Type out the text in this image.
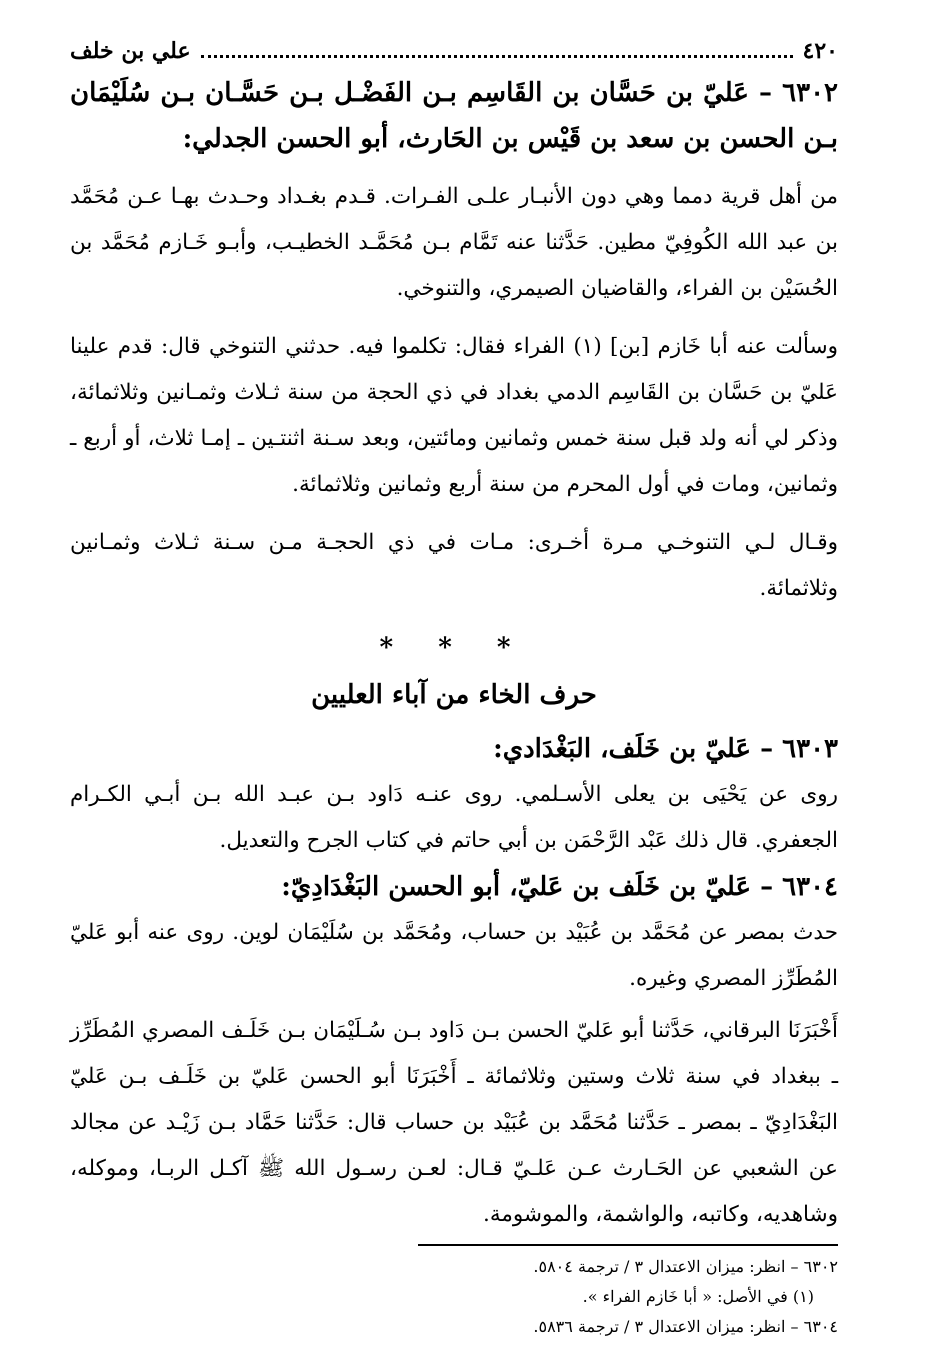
٤٢٠
علي بن خلف

٦٣٠٢ – عَليّ بن حَسَّان بن القَاسِم بـن الفَضْـل بـن حَسَّـان بـن سُلَيْمَان بـن الحسن بن سعد بن قَيْس بن الحَارث، أبو الحسن الجدلي:

من أهل قرية دمما وهي دون الأنبـار علـى الفـرات. قـدم بغـداد وحـدث بهـا عـن مُحَمَّد بن عبد الله الكُوفِيّ مطين. حَدَّثنا عنه تَمَّام بـن مُحَمَّـد الخطيـب، وأبـو خَـازم مُحَمَّد بن الحُسَيْن بن الفراء، والقاضيان الصيمري، والتنوخي.

وسألت عنه أبا خَازم [بن] (١) الفراء فقال: تكلموا فيه. حدثني التنوخي قال: قدم علينا عَليّ بن حَسَّان بن القَاسِم الدمي بغداد في ذي الحجة من سنة ثـلاث وثمـانين وثلاثمائة، وذكر لي أنه ولد قبل سنة خمس وثمانين ومائتين، وبعد سـنة اثنتـين ـ إمـا ثلاث، أو أربع ـ وثمانين، ومات في أول المحرم من سنة أربع وثمانين وثلاثمائة.

وقـال لـي التنوخـي مـرة أخـرى: مـات في ذي الحجـة مـن سـنة ثـلاث وثمـانين وثلاثمائة.

* * *
حرف الخاء من آباء العليين

٦٣٠٣ – عَليّ بن خَلَف، البَغْدَادي:

روى عن يَحْيَى بن يعلى الأسـلمي. روى عنـه دَاود بـن عبـد الله بـن أبـي الكـرام الجعفري. قال ذلك عَبْد الرَّحْمَن بن أبي حاتم في كتاب الجرح والتعديل.

٦٣٠٤ – عَليّ بن خَلَف بن عَليّ، أبو الحسن البَغْدَادِيّ:

حدث بمصر عن مُحَمَّد بن عُبَيْد بن حساب، ومُحَمَّد بن سُلَيْمَان لوين. روى عنه أبو عَليّ المُطَرِّز المصري وغيره.

أَخْبَرَنَا البرقاني، حَدَّثنا أبو عَليّ الحسن بـن دَاود بـن سُـلَيْمَان بـن خَلَـف المصري المُطَرِّز ـ ببغداد في سنة ثلاث وستين وثلاثمائة ـ أَخْبَرَنَا أبو الحسن عَليّ بن خَلَـف بـن عَليّ البَغْدَادِيّ ـ بمصر ـ حَدَّثنا مُحَمَّد بن عُبَيْد بن حساب قال: حَدَّثنا حَمَّاد بـن زَيْـد عن مجالد عن الشعبي عن الحَـارث عـن عَلـيّ قـال: لعـن رسـول الله ﷺ آكـل الربـا، وموكله، وشاهديه، وكاتبه، والواشمة، والموشومة.

٦٣٠٢ – انظر: ميزان الاعتدال ٣ / ترجمة ٥٨٠٤.
(١) في الأصل: « أبا خَازم الفراء ».
٦٣٠٤ – انظر: ميزان الاعتدال ٣ / ترجمة ٥٨٣٦.
